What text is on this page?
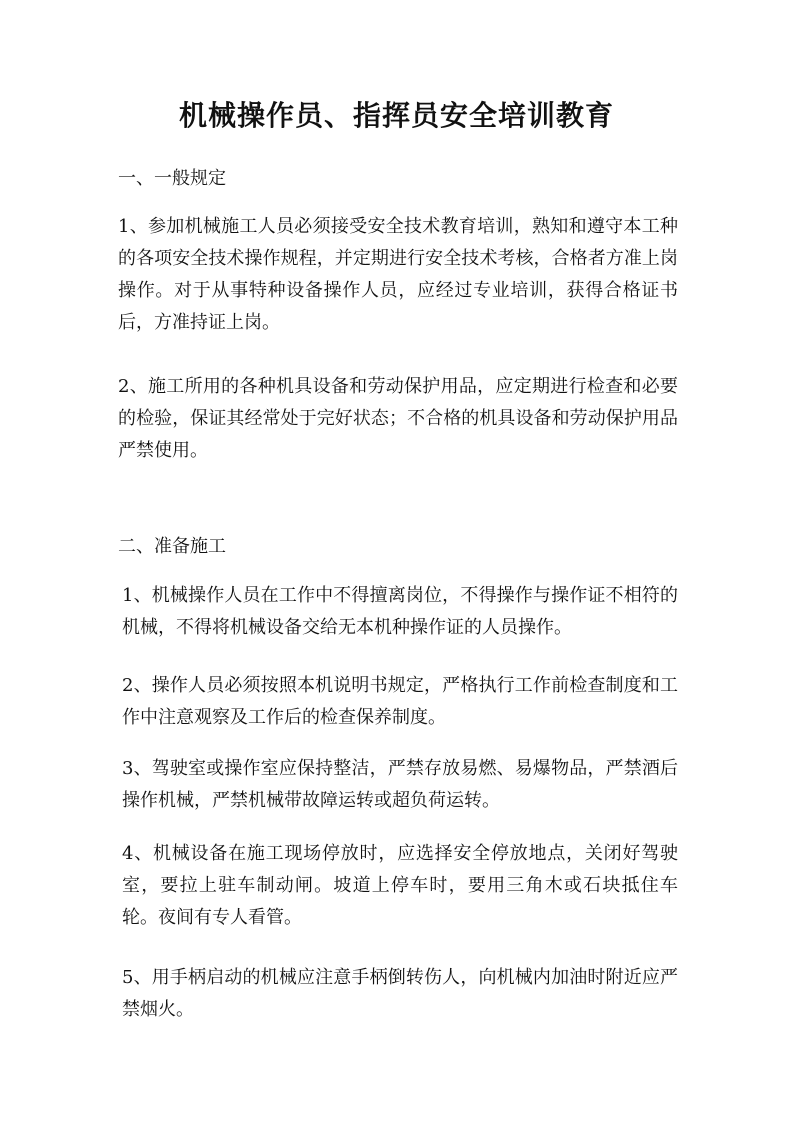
机械操作员、指挥员安全培训教育
一、一般规定

1、参加机械施工人员必须接受安全技术教育培训，熟知和遵守本工种的各项安全技术操作规程，并定期进行安全技术考核，合格者方准上岗操作。对于从事特种设备操作人员，应经过专业培训，获得合格证书后，方准持证上岗。

2、施工所用的各种机具设备和劳动保护用品，应定期进行检查和必要的检验，保证其经常处于完好状态；不合格的机具设备和劳动保护用品严禁使用。

二、准备施工

1、机械操作人员在工作中不得擅离岗位，不得操作与操作证不相符的机械，不得将机械设备交给无本机种操作证的人员操作。

2、操作人员必须按照本机说明书规定，严格执行工作前检查制度和工作中注意观察及工作后的检查保养制度。

3、驾驶室或操作室应保持整洁，严禁存放易燃、易爆物品，严禁酒后操作机械，严禁机械带故障运转或超负荷运转。

4、机械设备在施工现场停放时，应选择安全停放地点，关闭好驾驶室，要拉上驻车制动闸。坡道上停车时，要用三角木或石块抵住车轮。夜间有专人看管。

5、用手柄启动的机械应注意手柄倒转伤人，向机械内加油时附近应严禁烟火。
